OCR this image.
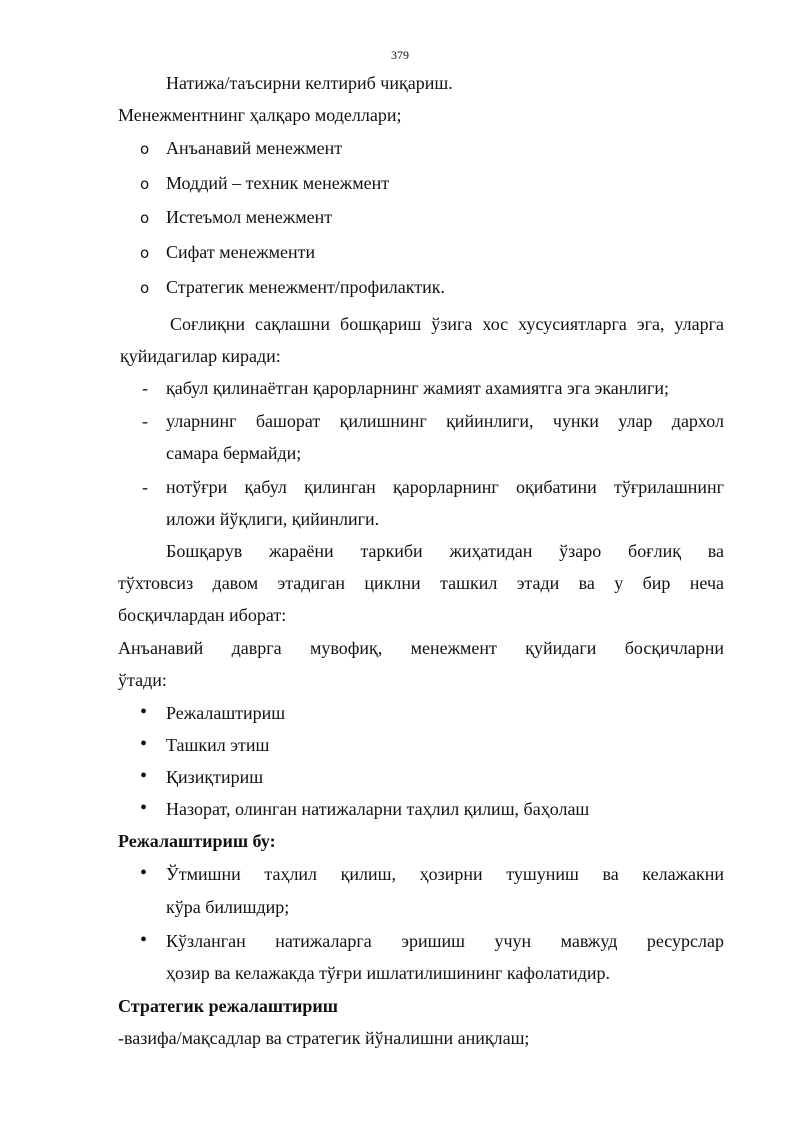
379
Натижа/таъсирни келтириб чиқариш.
Менежментнинг ҳалқаро моделлари;
o Анъанавий менежмент
o Моддий – техник менежмент
o Истеъмол менежмент
o Сифат менежменти
o Стратегик менежмент/профилактик.
Соғлиқни сақлашни бошқариш ўзига хос хусусиятларга эга, уларга
қуйидагилар киради:
- қабул қилинаётган қарорларнинг жамият ахамиятга эга эканлиги;
- уларнинг башорат қилишнинг қийинлиги, чунки улар дархол
самара бермайди;
- нотўғри қабул қилинган қарорларнинг оқибатини тўғрилашнинг
иложи йўқлиги, қийинлиги.
Бошқарув жараёни таркиби жиҳатидан ўзаро боғлиқ ва
тўхтовсиз давом этадиган циклни ташкил этади ва у бир неча
босқичлардан иборат:
Анъанавий даврга мувофиқ, менежмент қуйидаги босқичларни
ўтади:
• Режалаштириш
• Ташкил этиш
• Қизиқтириш
• Назорат, олинган натижаларни таҳлил қилиш, баҳолаш
Режалаштириш бу:
• Ўтмишни таҳлил қилиш, ҳозирни тушуниш ва келажакни
кўра билишдир;
• Кўзланган натижаларга эришиш учун мавжуд ресурслар
ҳозир ва келажакда тўғри ишлатилишининг кафолатидир.
Стратегик режалаштириш
-вазифа/мақсадлар ва стратегик йўналишни аниқлаш;
